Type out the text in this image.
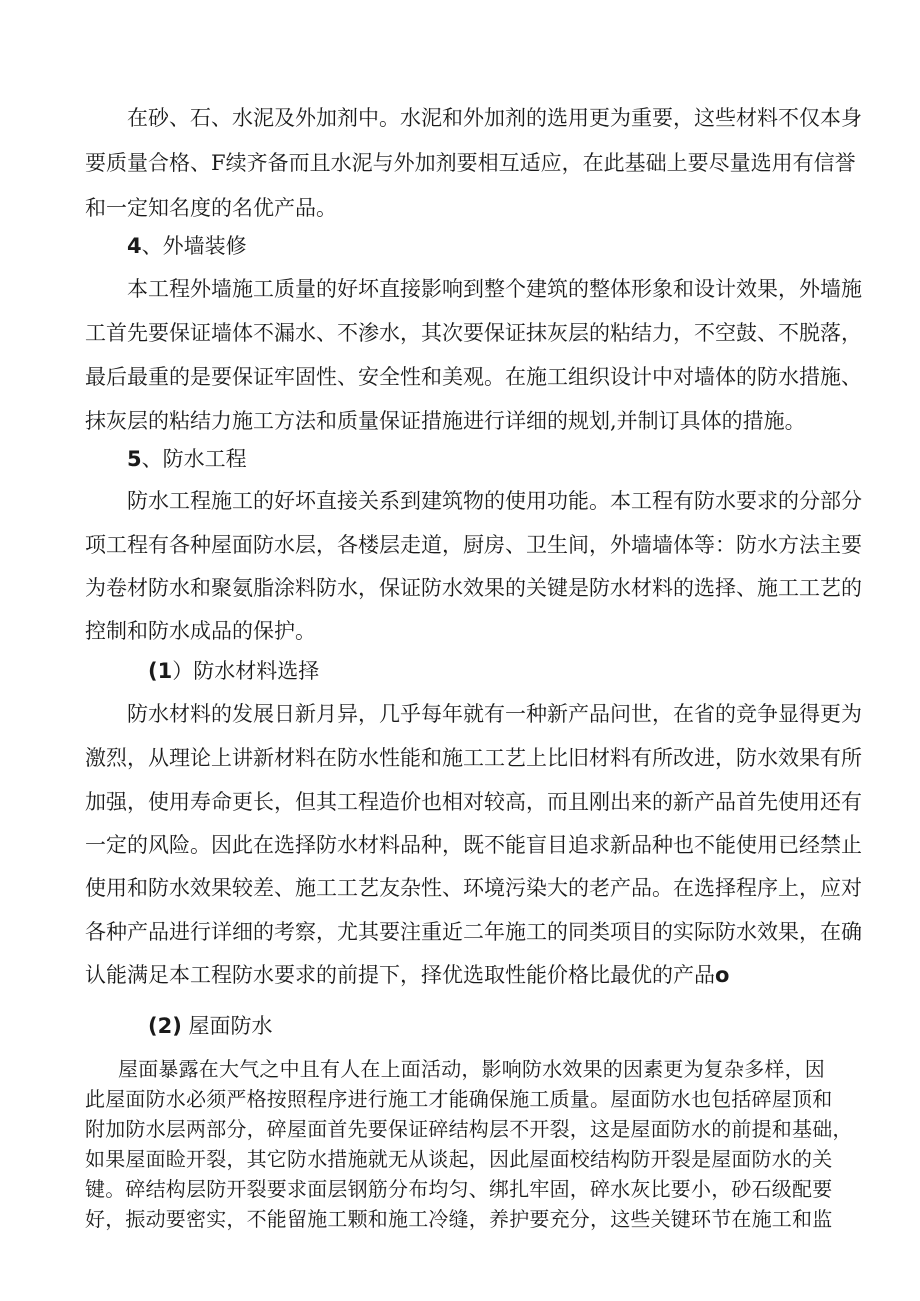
在砂、石、水泥及外加剂中。水泥和外加剂的选用更为重要，这些材料不仅本身

要质量合格、F续齐备而且水泥与外加剂要相互适应，在此基础上要尽量选用有信誉

和一定知名度的名优产品。

4、外墙装修

本工程外墙施工质量的好坏直接影响到整个建筑的整体形象和设计效果，外墙施

工首先要保证墙体不漏水、不渗水，其次要保证抹灰层的粘结力，不空鼓、不脱落，

最后最重的是要保证牢固性、安全性和美观。在施工组织设计中对墙体的防水措施、

抹灰层的粘结力施工方法和质量保证措施进行详细的规划,并制订具体的措施。

5、防水工程

防水工程施工的好坏直接关系到建筑物的使用功能。本工程有防水要求的分部分

项工程有各种屋面防水层，各楼层走道，厨房、卫生间，外墙墙体等：防水方法主要

为卷材防水和聚氨脂涂料防水，保证防水效果的关键是防水材料的选择、施工工艺的

控制和防水成品的保护。

(1）防水材料选择

防水材料的发展日新月异，几乎每年就有一种新产品问世，在省的竞争显得更为

激烈，从理论上讲新材料在防水性能和施工工艺上比旧材料有所改进，防水效果有所

加强，使用寿命更长，但其工程造价也相对较高，而且刚出来的新产品首先使用还有

一定的风险。因此在选择防水材料品种，既不能盲目追求新品种也不能使用已经禁止

使用和防水效果较差、施工工艺友杂性、环境污染大的老产品。在选择程序上，应对

各种产品进行详细的考察，尤其要注重近二年施工的同类项目的实际防水效果，在确

认能满足本工程防水要求的前提下，择优选取性能价格比最优的产品o

(2) 屋面防水

屋面暴露在大气之中且有人在上面活动，影响防水效果的因素更为复杂多样，因

此屋面防水必须严格按照程序进行施工才能确保施工质量。屋面防水也包括碎屋顶和

附加防水层两部分，碎屋面首先要保证碎结构层不开裂，这是屋面防水的前提和基础，

如果屋面睑开裂，其它防水措施就无从谈起，因此屋面校结构防开裂是屋面防水的关

键。碎结构层防开裂要求面层钢筋分布均匀、绑扎牢固，碎水灰比要小，砂石级配要

好，振动要密实，不能留施工颗和施工冷缝，养护要充分，这些关键环节在施工和监
